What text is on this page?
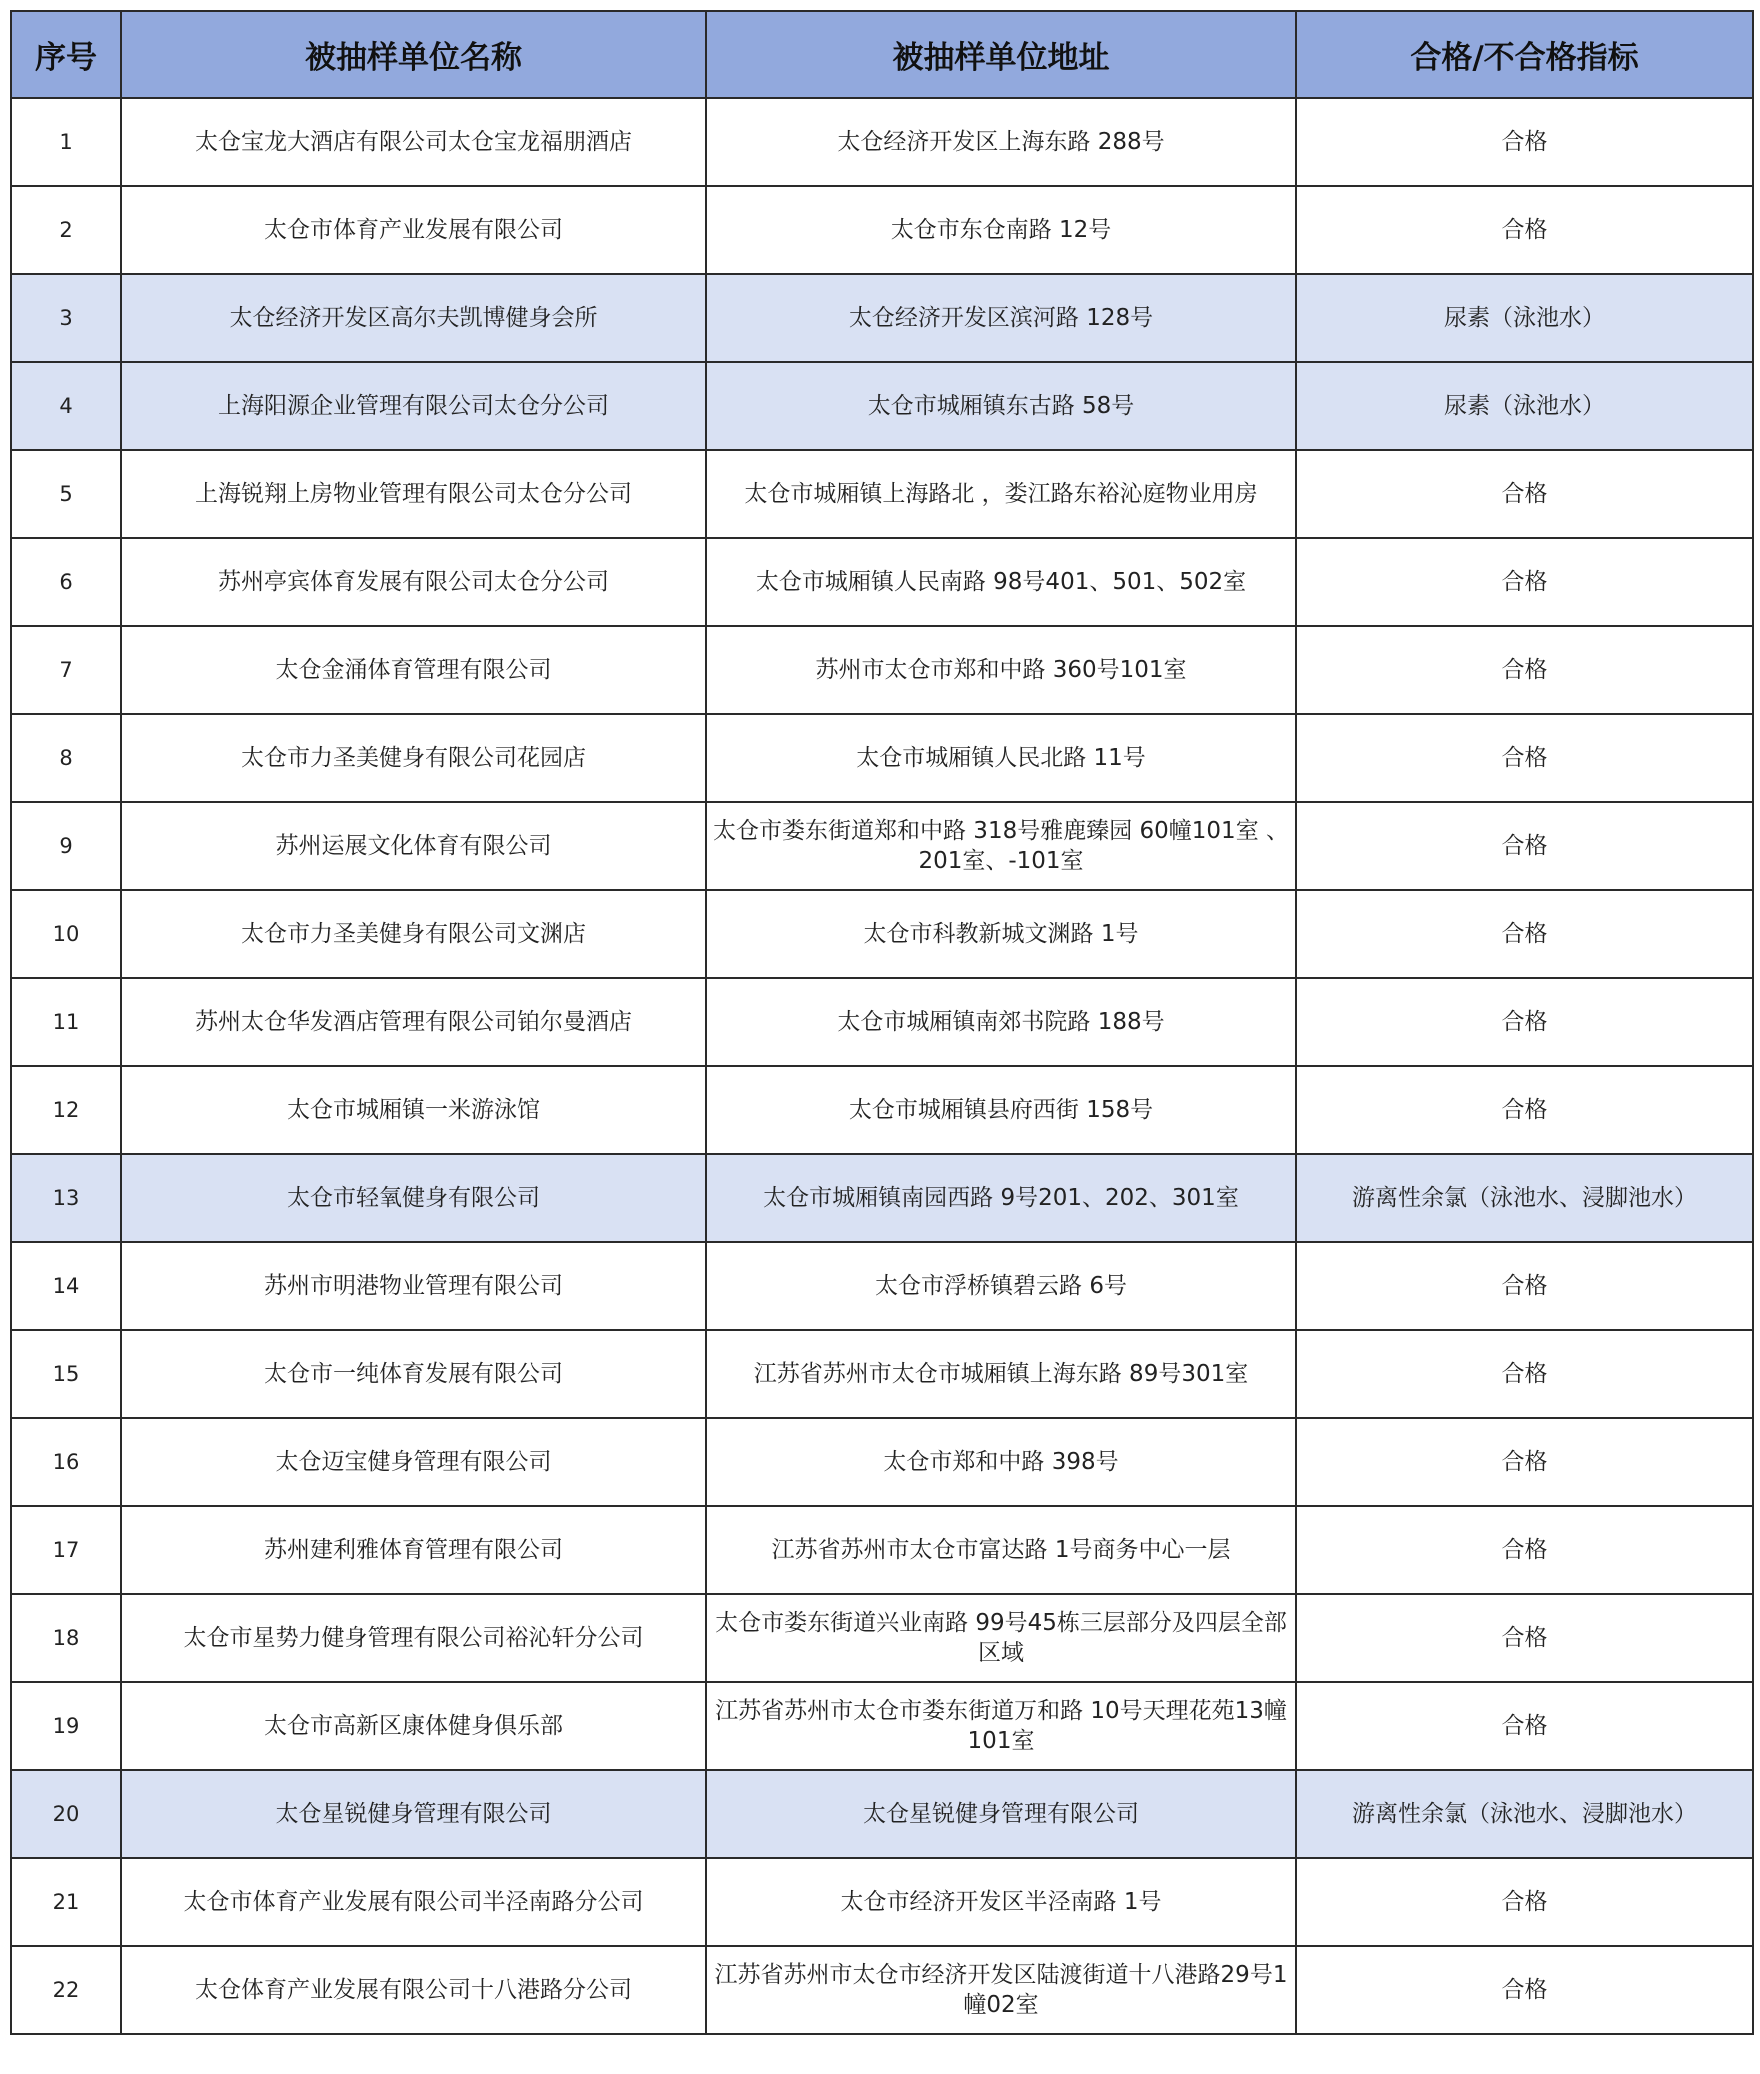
序号	被抽样单位名称	被抽样单位地址	合格/不合格指标
1	太仓宝龙大酒店有限公司太仓宝龙福朋酒店	太仓经济开发区上海东路 288号	合格
2	太仓市体育产业发展有限公司	太仓市东仓南路 12号	合格
3	太仓经济开发区高尔夫凯博健身会所	太仓经济开发区滨河路 128号	尿素（泳池水）
4	上海阳源企业管理有限公司太仓分公司	太仓市城厢镇东古路 58号	尿素（泳池水）
5	上海锐翔上房物业管理有限公司太仓分公司	太仓市城厢镇上海路北 ，娄江路东裕沁庭物业用房	合格
6	苏州亭宾体育发展有限公司太仓分公司	太仓市城厢镇人民南路 98号401、501、502室	合格
7	太仓金涌体育管理有限公司	苏州市太仓市郑和中路 360号101室	合格
8	太仓市力圣美健身有限公司花园店	太仓市城厢镇人民北路 11号	合格
9	苏州运展文化体育有限公司	太仓市娄东街道郑和中路 318号雅鹿臻园 60幢101室 、201室、-101室	合格
10	太仓市力圣美健身有限公司文渊店	太仓市科教新城文渊路 1号	合格
11	苏州太仓华发酒店管理有限公司铂尔曼酒店	太仓市城厢镇南郊书院路 188号	合格
12	太仓市城厢镇一米游泳馆	太仓市城厢镇县府西街 158号	合格
13	太仓市轻氧健身有限公司	太仓市城厢镇南园西路 9号201、202、301室	游离性余氯（泳池水、浸脚池水）
14	苏州市明港物业管理有限公司	太仓市浮桥镇碧云路 6号	合格
15	太仓市一纯体育发展有限公司	江苏省苏州市太仓市城厢镇上海东路 89号301室	合格
16	太仓迈宝健身管理有限公司	太仓市郑和中路 398号	合格
17	苏州建利雅体育管理有限公司	江苏省苏州市太仓市富达路 1号商务中心一层	合格
18	太仓市星势力健身管理有限公司裕沁轩分公司	太仓市娄东街道兴业南路 99号45栋三层部分及四层全部区域	合格
19	太仓市高新区康体健身俱乐部	江苏省苏州市太仓市娄东街道万和路 10号天理花苑13幢101室	合格
20	太仓星锐健身管理有限公司	太仓星锐健身管理有限公司	游离性余氯（泳池水、浸脚池水）
21	太仓市体育产业发展有限公司半泾南路分公司	太仓市经济开发区半泾南路 1号	合格
22	太仓体育产业发展有限公司十八港路分公司	江苏省苏州市太仓市经济开发区陆渡街道十八港路29号1幢02室	合格
